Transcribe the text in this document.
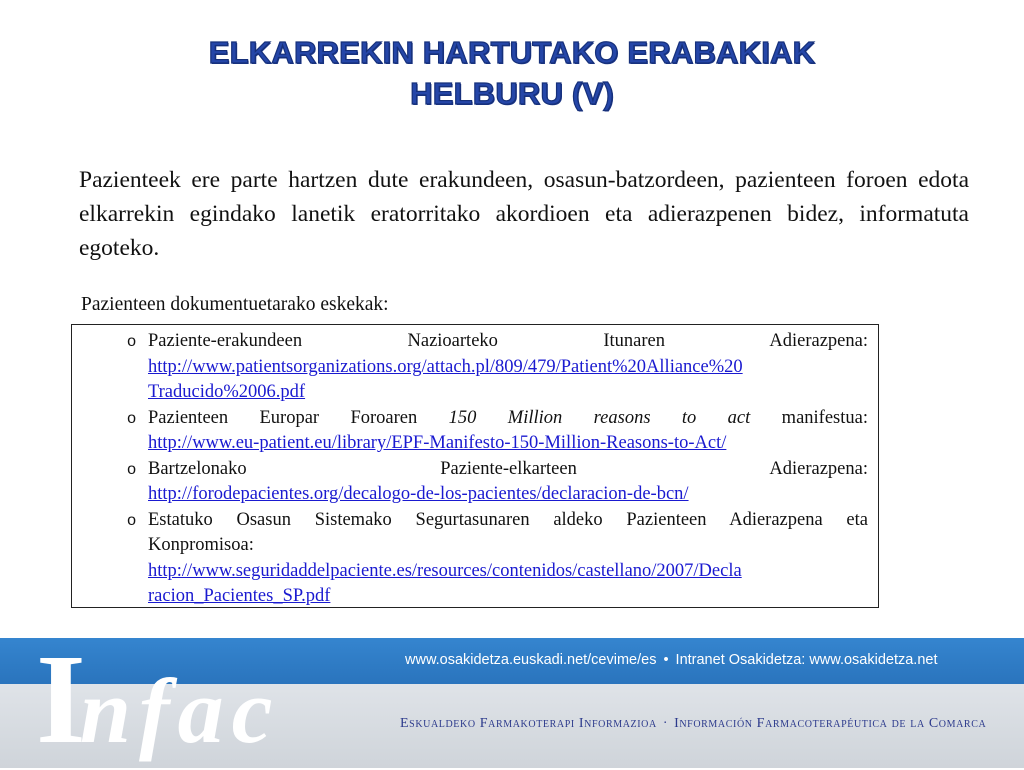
ELKARREKIN HARTUTAKO ERABAKIAK
HELBURU (V)

Pazienteek ere parte hartzen dute erakundeen, osasun-batzordeen, pazienteen foroen edota elkarrekin egindako lanetik eratorritako akordioen eta adierazpenen bidez, informatuta egoteko.

Pazienteen dokumentuetarako eskekak:

o Paziente-erakundeen Nazioarteko Itunaren Adierazpena:
http://www.patientsorganizations.org/attach.pl/809/479/Patient%20Alliance%20
Traducido%2006.pdf
o Pazienteen Europar Foroaren 150 Million reasons to act manifestua:
http://www.eu-patient.eu/library/EPF-Manifesto-150-Million-Reasons-to-Act/
o Bartzelonako Paziente-elkarteen Adierazpena:
http://forodepacientes.org/decalogo-de-los-pacientes/declaracion-de-bcn/
o Estatuko Osasun Sistemako Segurtasunaren aldeko Pazienteen Adierazpena eta
Konpromisoa:
http://www.seguridaddelpaciente.es/resources/contenidos/castellano/2007/Decla
racion_Pacientes_SP.pdf
www.osakidetza.euskadi.net/cevime/es • Intranet Osakidetza: www.osakidetza.net
Eskualdeko Farmakoterapi Informazioa · Información Farmacoterapéutica de la Comarca
Infac
